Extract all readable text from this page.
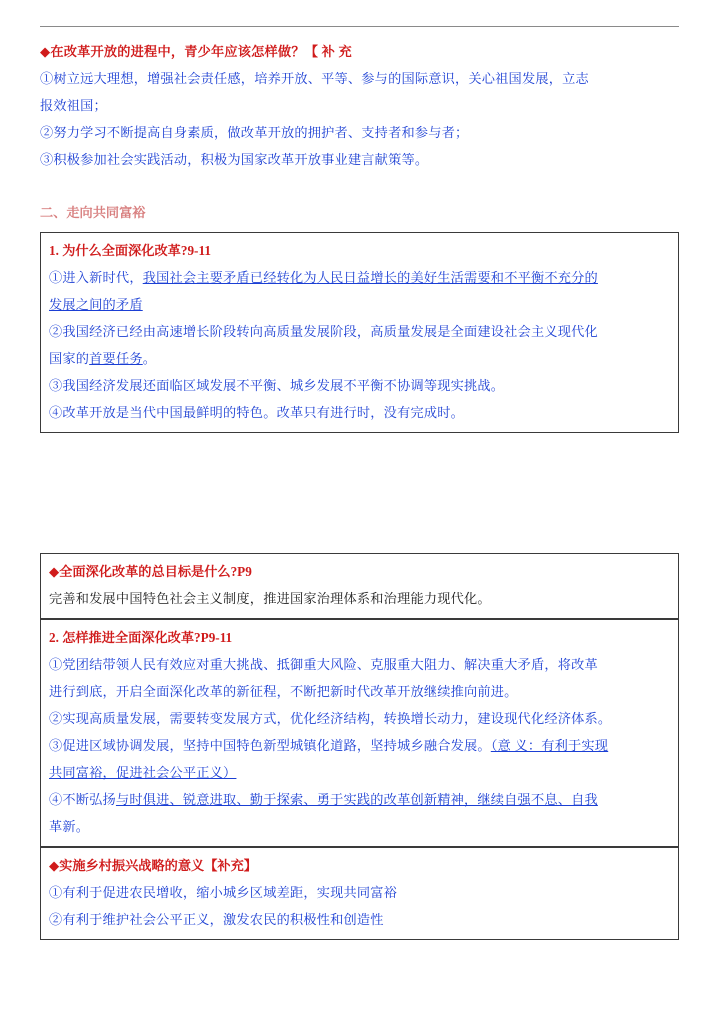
◆在改革开放的进程中，青少年应该怎样做？【 补 充

①树立远大理想，增强社会责任感，培养开放、平等、参与的国际意识，关心祖国发展，立志

报效祖国；

②努力学习不断提高自身素质，做改革开放的拥护者、支持者和参与者；

③积极参加社会实践活动，积极为国家改革开放事业建言献策等。

二、走向共同富裕

1. 为什么全面深化改革?9-11

①进入新时代，我国社会主要矛盾已经转化为人民日益增长的美好生活需要和不平衡不充分的

发展之间的矛盾

②我国经济已经由高速增长阶段转向高质量发展阶段，高质量发展是全面建设社会主义现代化

国家的首要任务。

③我国经济发展还面临区域发展不平衡、城乡发展不平衡不协调等现实挑战。

④改革开放是当代中国最鲜明的特色。改革只有进行时，没有完成时。

◆全面深化改革的总目标是什么?P9

完善和发展中国特色社会主义制度，推进国家治理体系和治理能力现代化。

2. 怎样推进全面深化改革?P9-11

①党团结带领人民有效应对重大挑战、抵御重大风险、克服重大阻力、解决重大矛盾，将改革

进行到底，开启全面深化改革的新征程，不断把新时代改革开放继续推向前进。

②实现高质量发展，需要转变发展方式，优化经济结构，转换增长动力，建设现代化经济体系。

③促进区域协调发展，坚持中国特色新型城镇化道路，坚持城乡融合发展。（意 义：有利于实现

共同富裕，促进社会公平正义）

④不断弘扬与时俱进、锐意进取、勤于探索、勇于实践的改革创新精神，继续自强不息、自我

革新。

◆实施乡村振兴战略的意义【补充】

①有利于促进农民增收，缩小城乡区域差距，实现共同富裕

②有利于维护社会公平正义，激发农民的积极性和创造性
